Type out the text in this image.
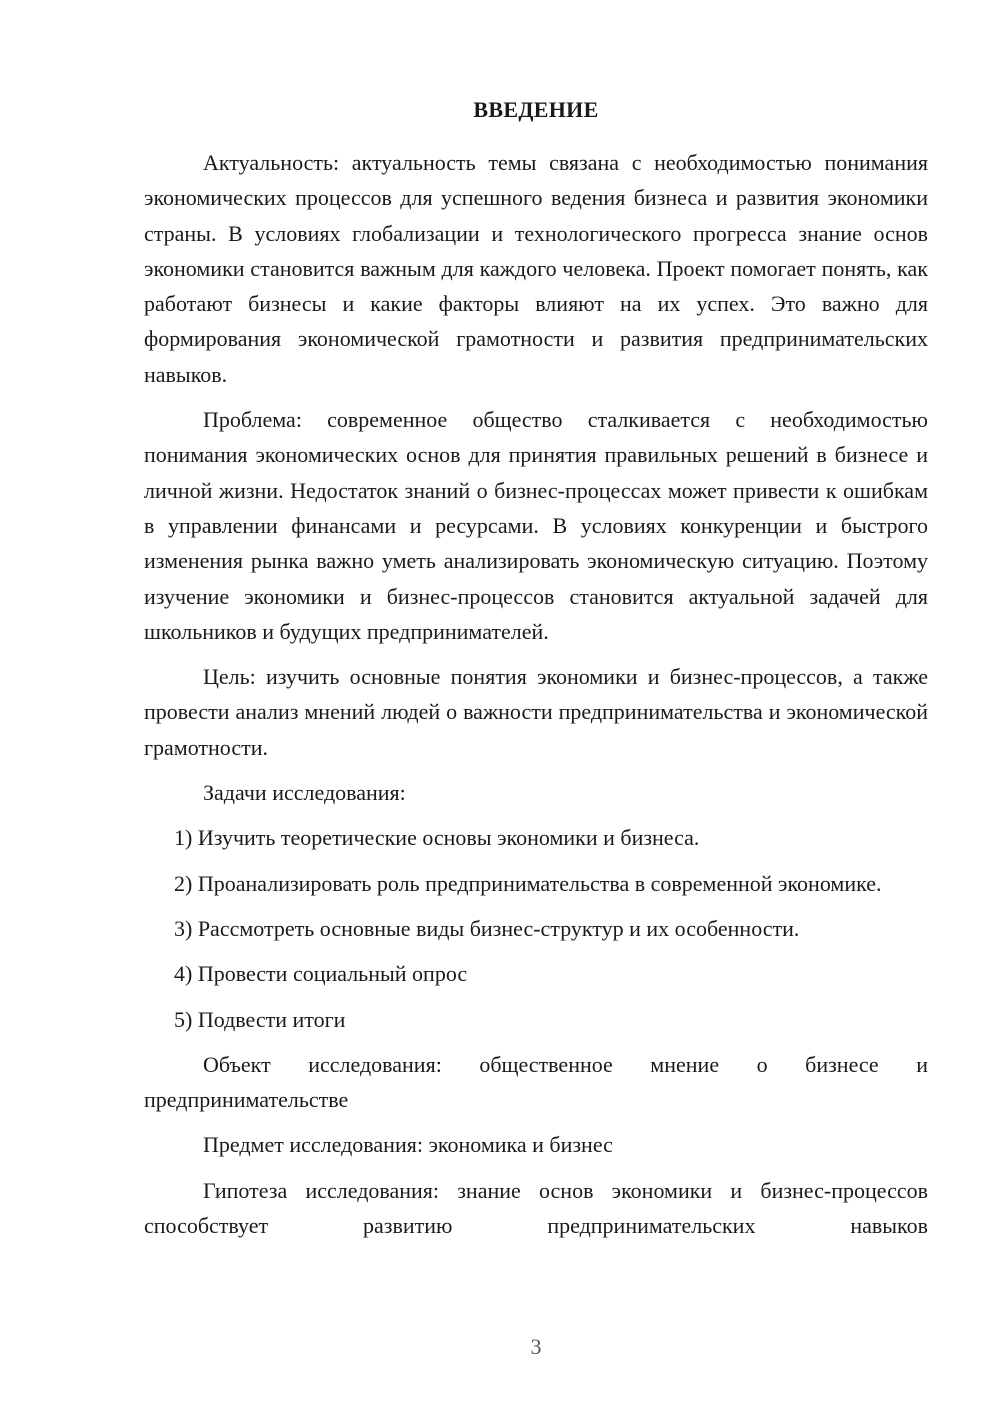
ВВЕДЕНИЕ

Актуальность: актуальность темы связана с необходимостью понимания экономических процессов для успешного ведения бизнеса и развития экономики страны. В условиях глобализации и технологического прогресса знание основ экономики становится важным для каждого человека. Проект помогает понять, как работают бизнесы и какие факторы влияют на их успех. Это важно для формирования экономической грамотности и развития предпринимательских навыков.

Проблема: современное общество сталкивается с необходимостью понимания экономических основ для принятия правильных решений в бизнесе и личной жизни. Недостаток знаний о бизнес-процессах может привести к ошибкам в управлении финансами и ресурсами. В условиях конкуренции и быстрого изменения рынка важно уметь анализировать экономическую ситуацию. Поэтому изучение экономики и бизнес-процессов становится актуальной задачей для школьников и будущих предпринимателей.

Цель: изучить основные понятия экономики и бизнес-процессов, а также провести анализ мнений людей о важности предпринимательства и экономической грамотности.

Задачи исследования:

1) Изучить теоретические основы экономики и бизнеса.

2) Проанализировать роль предпринимательства в современной экономике.

3) Рассмотреть основные виды бизнес-структур и их особенности.

4) Провести социальный опрос

5) Подвести итоги

Объект исследования: общественное мнение о бизнесе и предпринимательстве

Предмет исследования: экономика и бизнес

Гипотеза исследования: знание основ экономики и бизнес-процессов способствует развитию предпринимательских навыков

3
